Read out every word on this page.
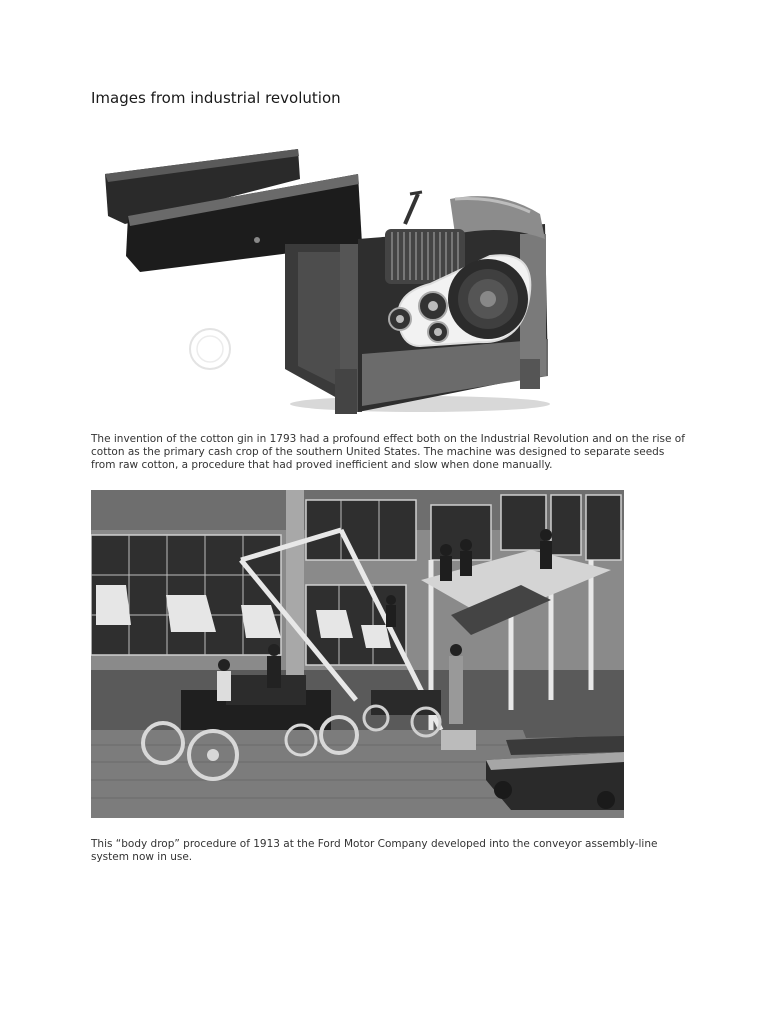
Images from industrial revolution

The invention of the cotton gin in 1793 had a profound effect both on the Industrial Revolution and on the rise of cotton as the primary cash crop of the southern United States. The machine was designed to separate seeds from raw cotton, a procedure that had proved inefficient and slow when done manually.

This “body drop” procedure of 1913 at the Ford Motor Company developed into the conveyor assembly-line system now in use.
